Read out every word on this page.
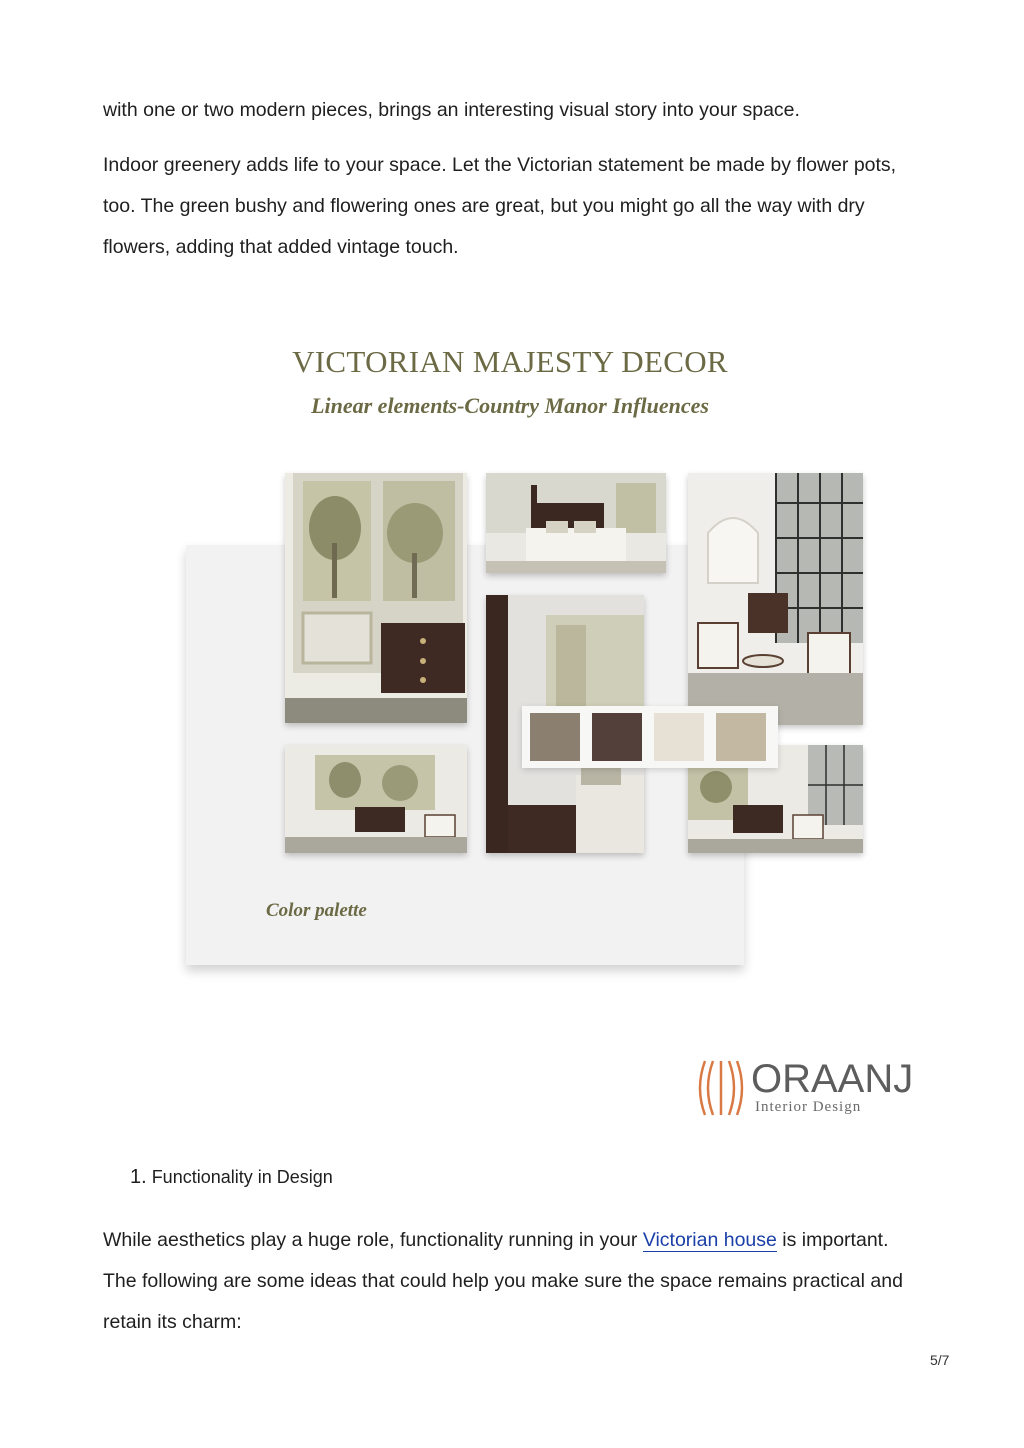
with one or two modern pieces, brings an interesting visual story into your space.

Indoor greenery adds life to your space. Let the Victorian statement be made by flower pots, too. The green bushy and flowering ones are great, but you might go all the way with dry flowers, adding that added vintage touch.

VICTORIAN MAJESTY DECOR
Linear elements-Country Manor Influences
Color palette
ORAANJ
Interior Design
1. Functionality in Design

While aesthetics play a huge role, functionality running in your Victorian house is important. The following are some ideas that could help you make sure the space remains practical and retain its charm:

5/7
